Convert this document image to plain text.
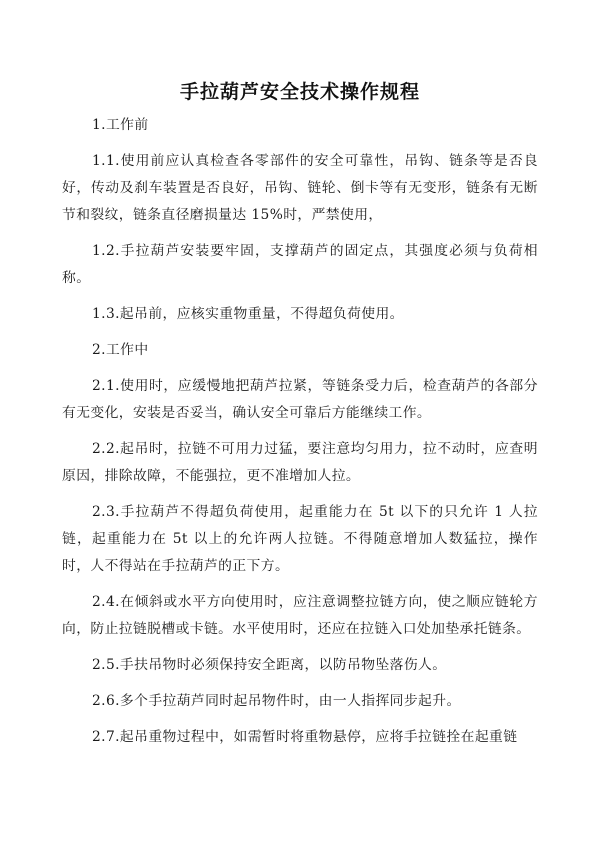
手拉葫芦安全技术操作规程

1.工作前

1.1.使用前应认真检查各零部件的安全可靠性，吊钩、链条等是否良好，传动及刹车装置是否良好，吊钩、链轮、倒卡等有无变形，链条有无断节和裂纹，链条直径磨损量达 15%时，严禁使用，

1.2.手拉葫芦安装要牢固，支撑葫芦的固定点，其强度必须与负荷相称。

1.3.起吊前，应核实重物重量，不得超负荷使用。

2.工作中

2.1.使用时，应缓慢地把葫芦拉紧，等链条受力后，检查葫芦的各部分有无变化，安装是否妥当，确认安全可靠后方能继续工作。

2.2.起吊时，拉链不可用力过猛，要注意均匀用力，拉不动时，应查明原因，排除故障，不能强拉，更不准增加人拉。

2.3.手拉葫芦不得超负荷使用，起重能力在 5t 以下的只允许 1 人拉链，起重能力在 5t 以上的允许两人拉链。不得随意增加人数猛拉，操作时，人不得站在手拉葫芦的正下方。

2.4.在倾斜或水平方向使用时，应注意调整拉链方向，使之顺应链轮方向，防止拉链脱槽或卡链。水平使用时，还应在拉链入口处加垫承托链条。

2.5.手扶吊物时必须保持安全距离，以防吊物坠落伤人。

2.6.多个手拉葫芦同时起吊物件时，由一人指挥同步起升。

2.7.起吊重物过程中，如需暂时将重物悬停，应将手拉链拴在起重链
